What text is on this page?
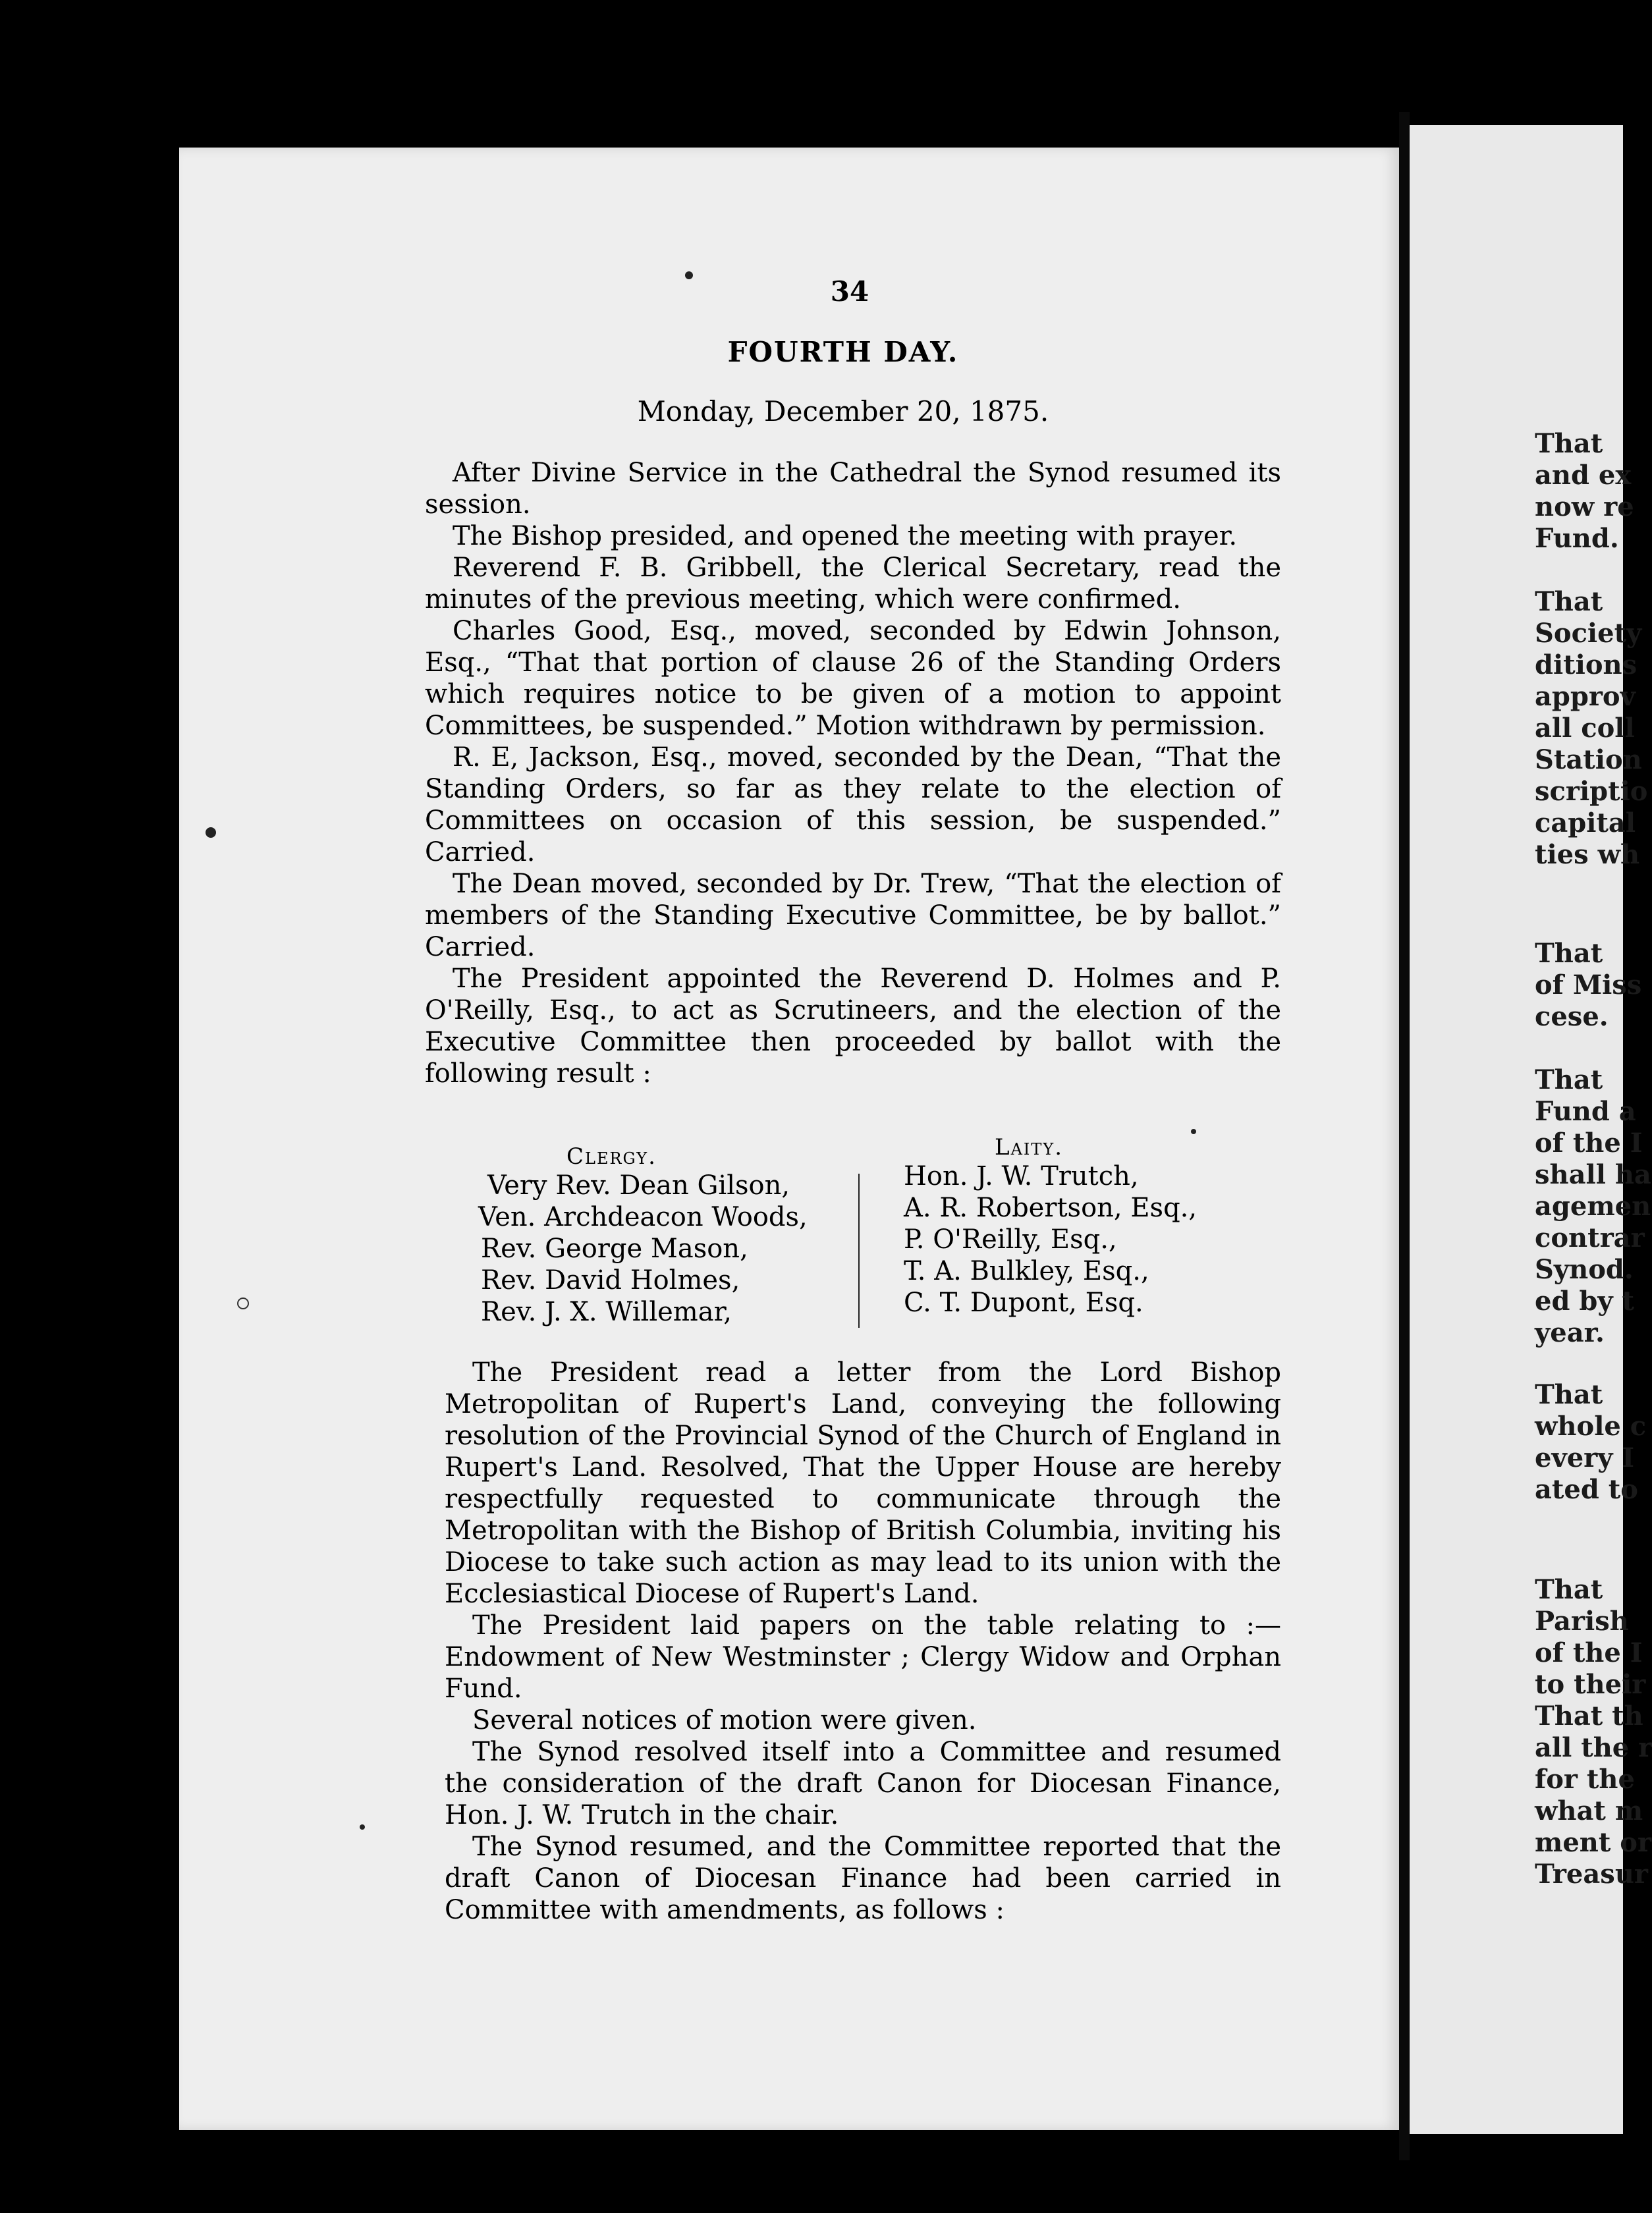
34
FOURTH DAY.
Monday, December 20, 1875.

After Divine Service in the Cathedral the Synod resumed its session.

The Bishop presided, and opened the meeting with prayer.

Reverend F. B. Gribbell, the Clerical Secretary, read the minutes of the previous meeting, which were confirmed.

Charles Good, Esq., moved, seconded by Edwin Johnson, Esq., “That that portion of clause 26 of the Standing Orders which requires notice to be given of a motion to appoint Committees, be suspended.” Motion withdrawn by permission.

R. E, Jackson, Esq., moved, seconded by the Dean, “That the Standing Orders, so far as they relate to the election of Committees on occasion of this session, be suspended.” Carried.

The Dean moved, seconded by Dr. Trew, “That the election of members of the Standing Executive Committee, be by ballot.” Carried.

The President appointed the Reverend D. Holmes and P. O'Reilly, Esq., to act as Scrutineers, and the election of the Executive Committee then proceeded by ballot with the following result :

Clergy.	Laity.
Very Rev. Dean Gilson,
Ven. Archdeacon Woods,
Rev. George Mason,
Rev. David Holmes,
Rev. J. X. Willemar,
Hon. J. W. Trutch,
A. R. Robertson, Esq.,
P. O'Reilly, Esq.,
T. A. Bulkley, Esq.,
C. T. Dupont, Esq.

The President read a letter from the Lord Bishop Metropolitan of Rupert's Land, conveying the following resolution of the Provincial Synod of the Church of England in Rupert's Land. Resolved, That the Upper House are hereby respectfully requested to communicate through the Metropolitan with the Bishop of British Columbia, inviting his Diocese to take such action as may lead to its union with the Ecclesiastical Diocese of Rupert's Land.

The President laid papers on the table relating to :—Endowment of New Westminster ; Clergy Widow and Orphan Fund.

Several notices of motion were given.

The Synod resolved itself into a Committee and resumed the consideration of the draft Canon for Diocesan Finance, Hon. J. W. Trutch in the chair.

The Synod resumed, and the Committee reported that the draft Canon of Diocesan Finance had been carried in Committee with amendments, as follows :

That
and ex
now re
Fund.
That
Society
ditions
approv
all coll
Station
scriptio
capital
ties wh
That
of Miss
cese.
That
Fund a
of the I
shall ha
agemen
contrar
Synod.
ed by t
year.
That
whole c
every I
ated to
That
Parish
of the I
to their
That th
all the r
for the
what m
ment or
Treasur
